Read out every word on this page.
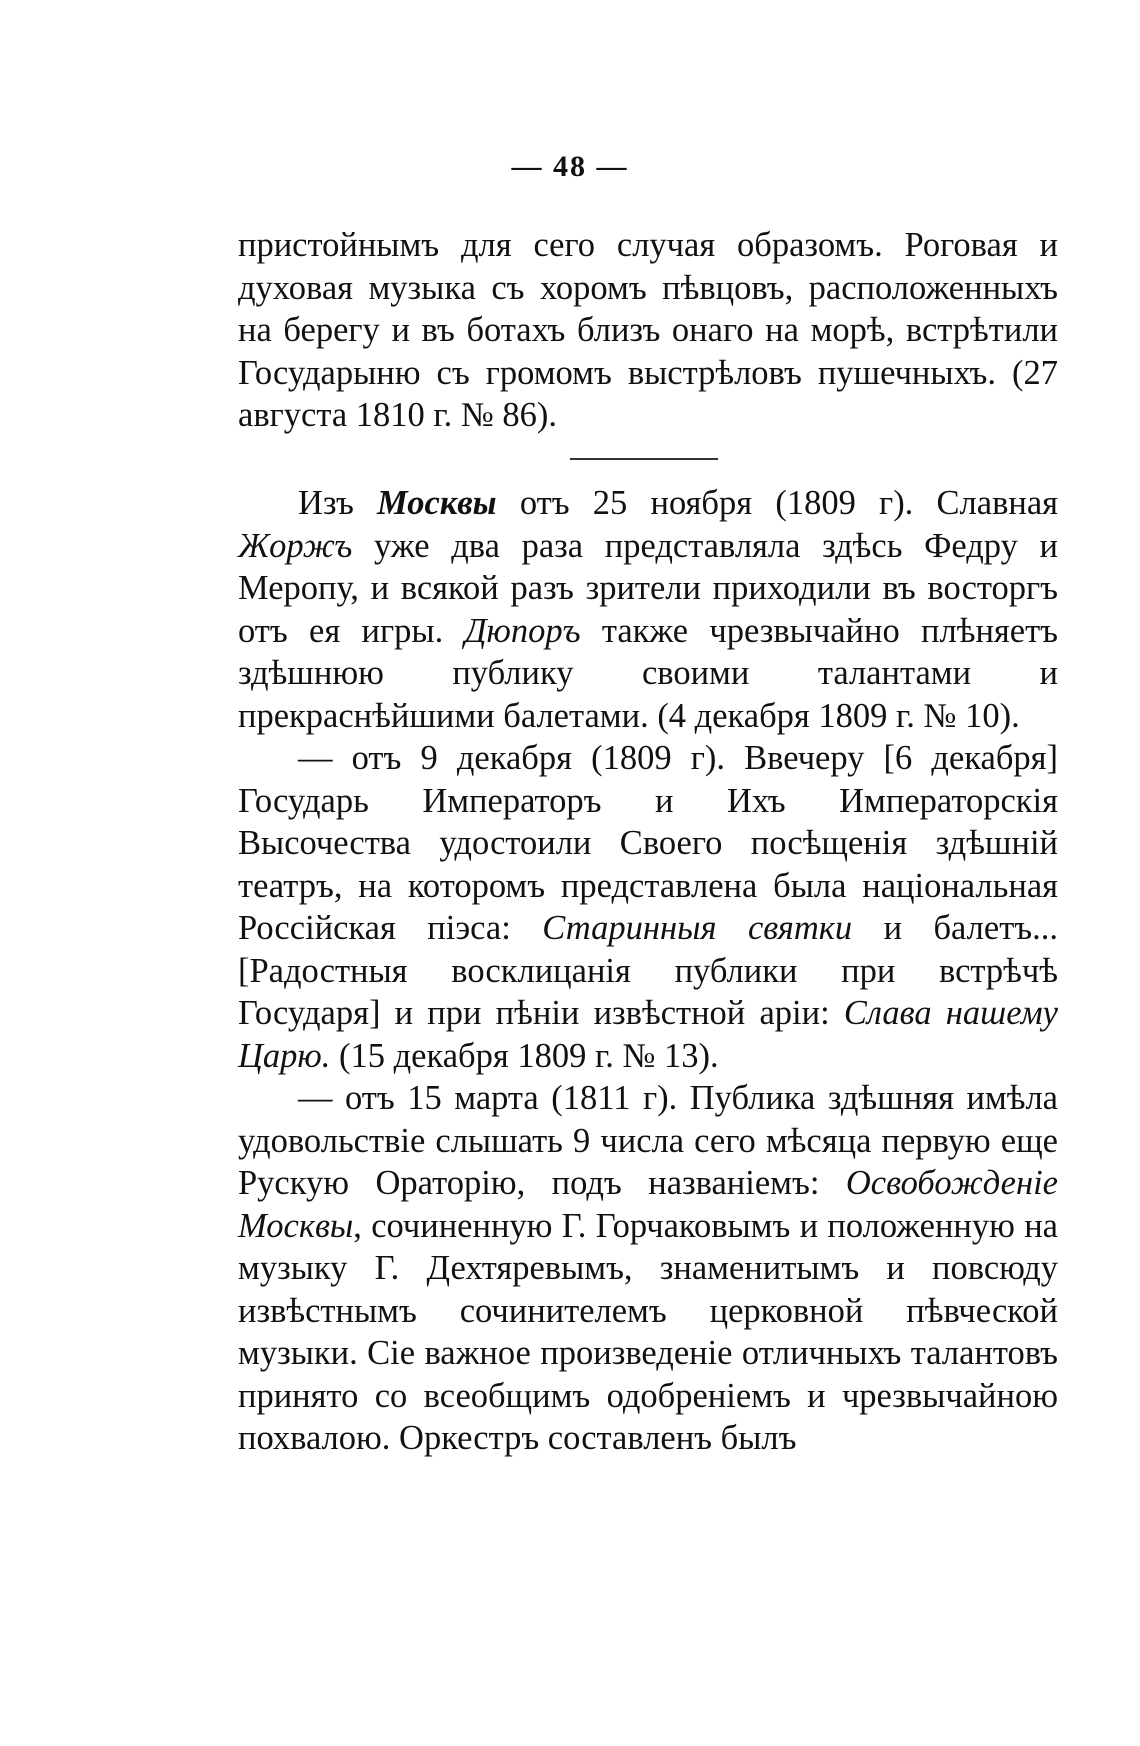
— 48 —

пристойнымъ для сего случая образомъ. Роговая и духовая музыка съ хоромъ пѣвцовъ, расположенныхъ на берегу и въ ботахъ близъ онаго на морѣ, встрѣтили Государыню съ громомъ выстрѣловъ пушечныхъ. (27 августа 1810 г. № 86).

Изъ Москвы отъ 25 ноября (1809 г). Славная Жоржъ уже два раза представляла здѣсь Федру и Меропу, и всякой разъ зрители приходили въ восторгъ отъ ея игры. Дюпоръ также чрезвычайно плѣняетъ здѣшнюю публику своими талантами и прекраснѣйшими балетами. (4 декабря 1809 г. № 10).

— отъ 9 декабря (1809 г). Ввечеру [6 декабря] Государь Императоръ и Ихъ Императорскія Высочества удостоили Своего посѣщенія здѣшній театръ, на которомъ представлена была національная Россійская піэса: Старинныя святки и балетъ... [Радостныя восклицанія публики при встрѣчѣ Государя] и при пѣніи извѣстной аріи: Слава нашему Царю. (15 декабря 1809 г. № 13).

— отъ 15 марта (1811 г). Публика здѣшняя имѣла удовольствіе слышать 9 числа сего мѣсяца первую еще Рускую Ораторію, подъ названіемъ: Освобожденіе Москвы, сочиненную Г. Горчаковымъ и положенную на музыку Г. Дехтяревымъ, знаменитымъ и повсюду извѣстнымъ сочинителемъ церковной пѣвческой музыки. Сіе важное произведеніе отличныхъ талантовъ принято со всеобщимъ одобреніемъ и чрезвычайною похвалою. Оркестръ составленъ былъ
